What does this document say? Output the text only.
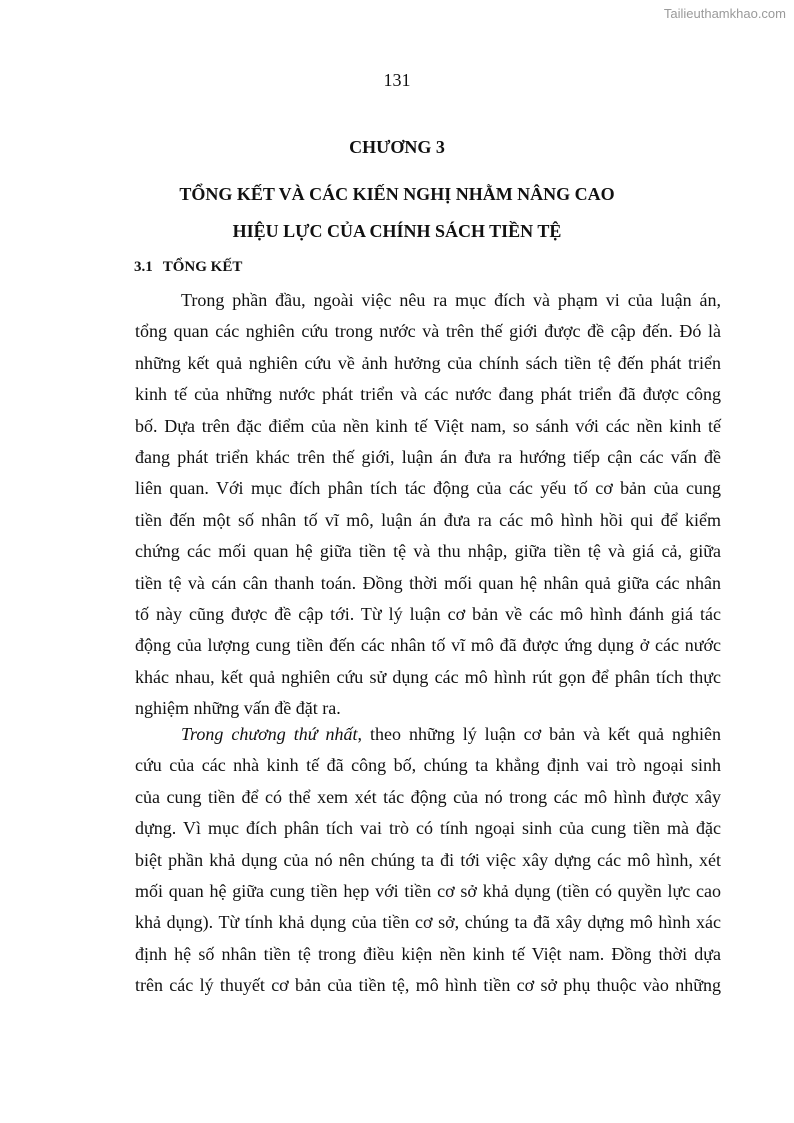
Tailieuthamkhao.com
131
CHƯƠNG 3
TỔNG KẾT VÀ CÁC KIẾN NGHỊ NHẰM NÂNG CAO
HIỆU LỰC CỦA CHÍNH SÁCH TIỀN TỆ
3.1 TỔNG KẾT
Trong phần đầu, ngoài việc nêu ra mục đích và phạm vi của luận án,
tổng quan các nghiên cứu trong nước và trên thế giới được đề cập đến. Đó là
những kết quả nghiên cứu về ảnh hưởng của chính sách tiền tệ đến phát triển
kinh tế của những nước phát triển và các nước đang phát triển đã được công
bố. Dựa trên đặc điểm của nền kinh tế Việt nam, so sánh với các nền kinh tế
đang phát triển khác trên thế giới, luận án đưa ra hướng tiếp cận các vấn đề
liên quan. Với mục đích phân tích tác động của các yếu tố cơ bản của cung
tiền đến một số nhân tố vĩ mô, luận án đưa ra các mô hình hồi qui để kiểm
chứng các mối quan hệ giữa tiền tệ và thu nhập, giữa tiền tệ và giá cả, giữa
tiền tệ và cán cân thanh toán. Đồng thời mối quan hệ nhân quả giữa các nhân
tố này cũng được đề cập tới. Từ lý luận cơ bản về các mô hình đánh giá tác
động của lượng cung tiền đến các nhân tố vĩ mô đã được ứng dụng ở các nước
khác nhau, kết quả nghiên cứu sử dụng các mô hình rút gọn để phân tích thực
nghiệm những vấn đề đặt ra.
Trong chương thứ nhất, theo những lý luận cơ bản và kết quả nghiên
cứu của các nhà kinh tế đã công bố, chúng ta khẳng định vai trò ngoại sinh
của cung tiền để có thể xem xét tác động của nó trong các mô hình được xây
dựng. Vì mục đích phân tích vai trò có tính ngoại sinh của cung tiền mà đặc
biệt phần khả dụng của nó nên chúng ta đi tới việc xây dựng các mô hình, xét
mối quan hệ giữa cung tiền hẹp với tiền cơ sở khả dụng (tiền có quyền lực cao
khả dụng). Từ tính khả dụng của tiền cơ sở, chúng ta đã xây dựng mô hình xác
định hệ số nhân tiền tệ trong điều kiện nền kinh tế Việt nam. Đồng thời dựa
trên các lý thuyết cơ bản của tiền tệ, mô hình tiền cơ sở phụ thuộc vào những
